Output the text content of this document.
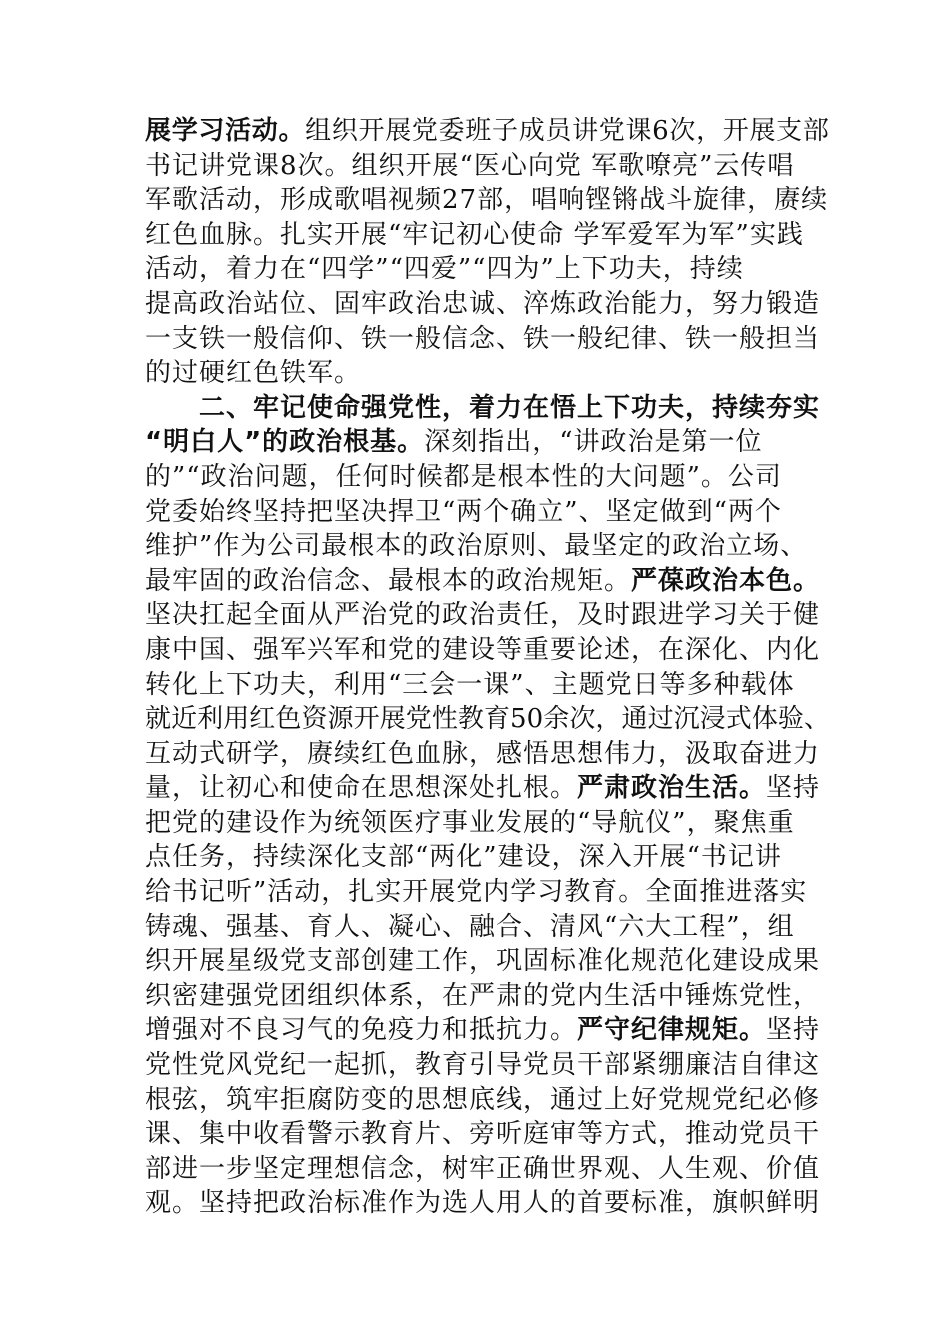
展学习活动。组织开展党委班子成员讲党课6次，开展支部
书记讲党课8次。组织开展“医心向党 军歌嘹亮”云传唱
军歌活动，形成歌唱视频27部，唱响铿锵战斗旋律，赓续
红色血脉。扎实开展“牢记初心使命 学军爱军为军”实践
活动，着力在“四学”“四爱”“四为”上下功夫，持续
提高政治站位、固牢政治忠诚、淬炼政治能力，努力锻造
一支铁一般信仰、铁一般信念、铁一般纪律、铁一般担当
的过硬红色铁军。
　　二、牢记使命强党性，着力在悟上下功夫，持续夯实
“明白人”的政治根基。深刻指出，“讲政治是第一位
的”“政治问题，任何时候都是根本性的大问题”。公司
党委始终坚持把坚决捍卫“两个确立”、坚定做到“两个
维护”作为公司最根本的政治原则、最坚定的政治立场、
最牢固的政治信念、最根本的政治规矩。严葆政治本色。
坚决扛起全面从严治党的政治责任，及时跟进学习关于健
康中国、强军兴军和党的建设等重要论述，在深化、内化
转化上下功夫，利用“三会一课”、主题党日等多种载体
就近利用红色资源开展党性教育50余次，通过沉浸式体验、
互动式研学，赓续红色血脉，感悟思想伟力，汲取奋进力
量，让初心和使命在思想深处扎根。严肃政治生活。坚持
把党的建设作为统领医疗事业发展的“导航仪”，聚焦重
点任务，持续深化支部“两化”建设，深入开展“书记讲
给书记听”活动，扎实开展党内学习教育。全面推进落实
铸魂、强基、育人、凝心、融合、清风“六大工程”，组
织开展星级党支部创建工作，巩固标准化规范化建设成果
织密建强党团组织体系，在严肃的党内生活中锤炼党性，
增强对不良习气的免疫力和抵抗力。严守纪律规矩。坚持
党性党风党纪一起抓，教育引导党员干部紧绷廉洁自律这
根弦，筑牢拒腐防变的思想底线，通过上好党规党纪必修
课、集中收看警示教育片、旁听庭审等方式，推动党员干
部进一步坚定理想信念，树牢正确世界观、人生观、价值
观。坚持把政治标准作为选人用人的首要标准，旗帜鲜明
